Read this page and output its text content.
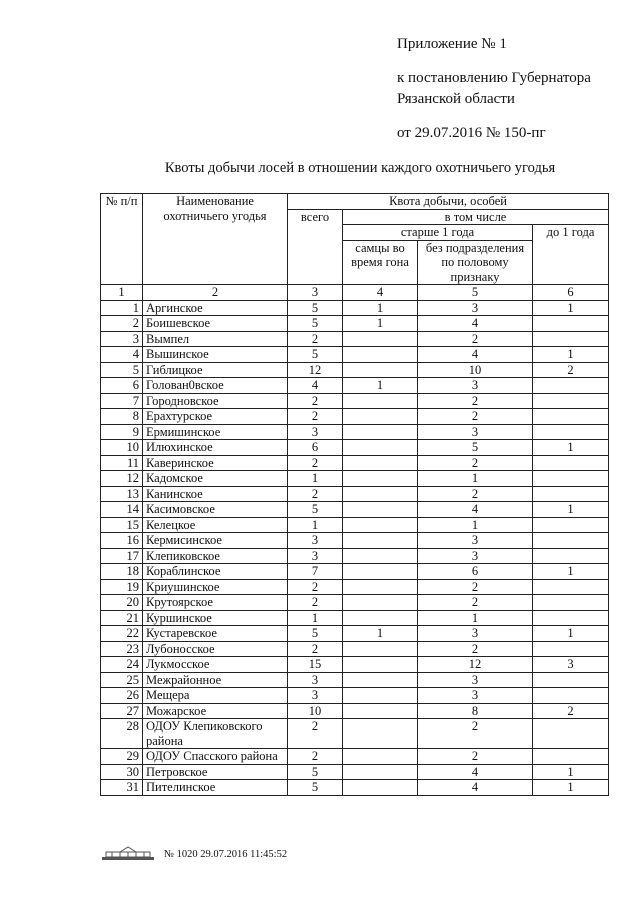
Приложение № 1
к постановлению Губернатора
Рязанской области
от 29.07.2016 № 150-пг
Квоты добычи лосей в отношении каждого охотничьего угодья
№ п/п	Наименование охотничьего угодья	Квота добычи, особей			
		всего	в том числе		
			старше 1 года		до 1 года
			самцы во время гона	без подразделения по половому признаку	
1	2	3	4	5	6
1	Аргинское	5	1	3	1
2	Боишевское	5	1	4	
3	Вымпел	2		2	
4	Вышинское	5		4	1
5	Гиблицкое	12		10	2
6	Голован0вское	4	1	3	
7	Городновское	2		2	
8	Ерахтурское	2		2	
9	Ермишинское	3		3	
10	Илюхинское	6		5	1
11	Каверинское	2		2	
12	Кадомское	1		1	
13	Канинское	2		2	
14	Касимовское	5		4	1
15	Келецкое	1		1	
16	Кермисинское	3		3	
17	Клепиковское	3		3	
18	Кораблинское	7		6	1
19	Криушинское	2		2	
20	Крутоярское	2		2	
21	Куршинское	1		1	
22	Кустаревское	5	1	3	1
23	Лубоносское	2		2	
24	Лукмосское	15		12	3
25	Межрайонное	3		3	
26	Мещера	3		3	
27	Можарское	10		8	2
28	ОДОУ Клепиковского района	2		2	
29	ОДОУ Спасского района	2		2	
30	Петровское	5		4	1
31	Пителинское	5		4	1
№ 1020 29.07.2016 11:45:52
